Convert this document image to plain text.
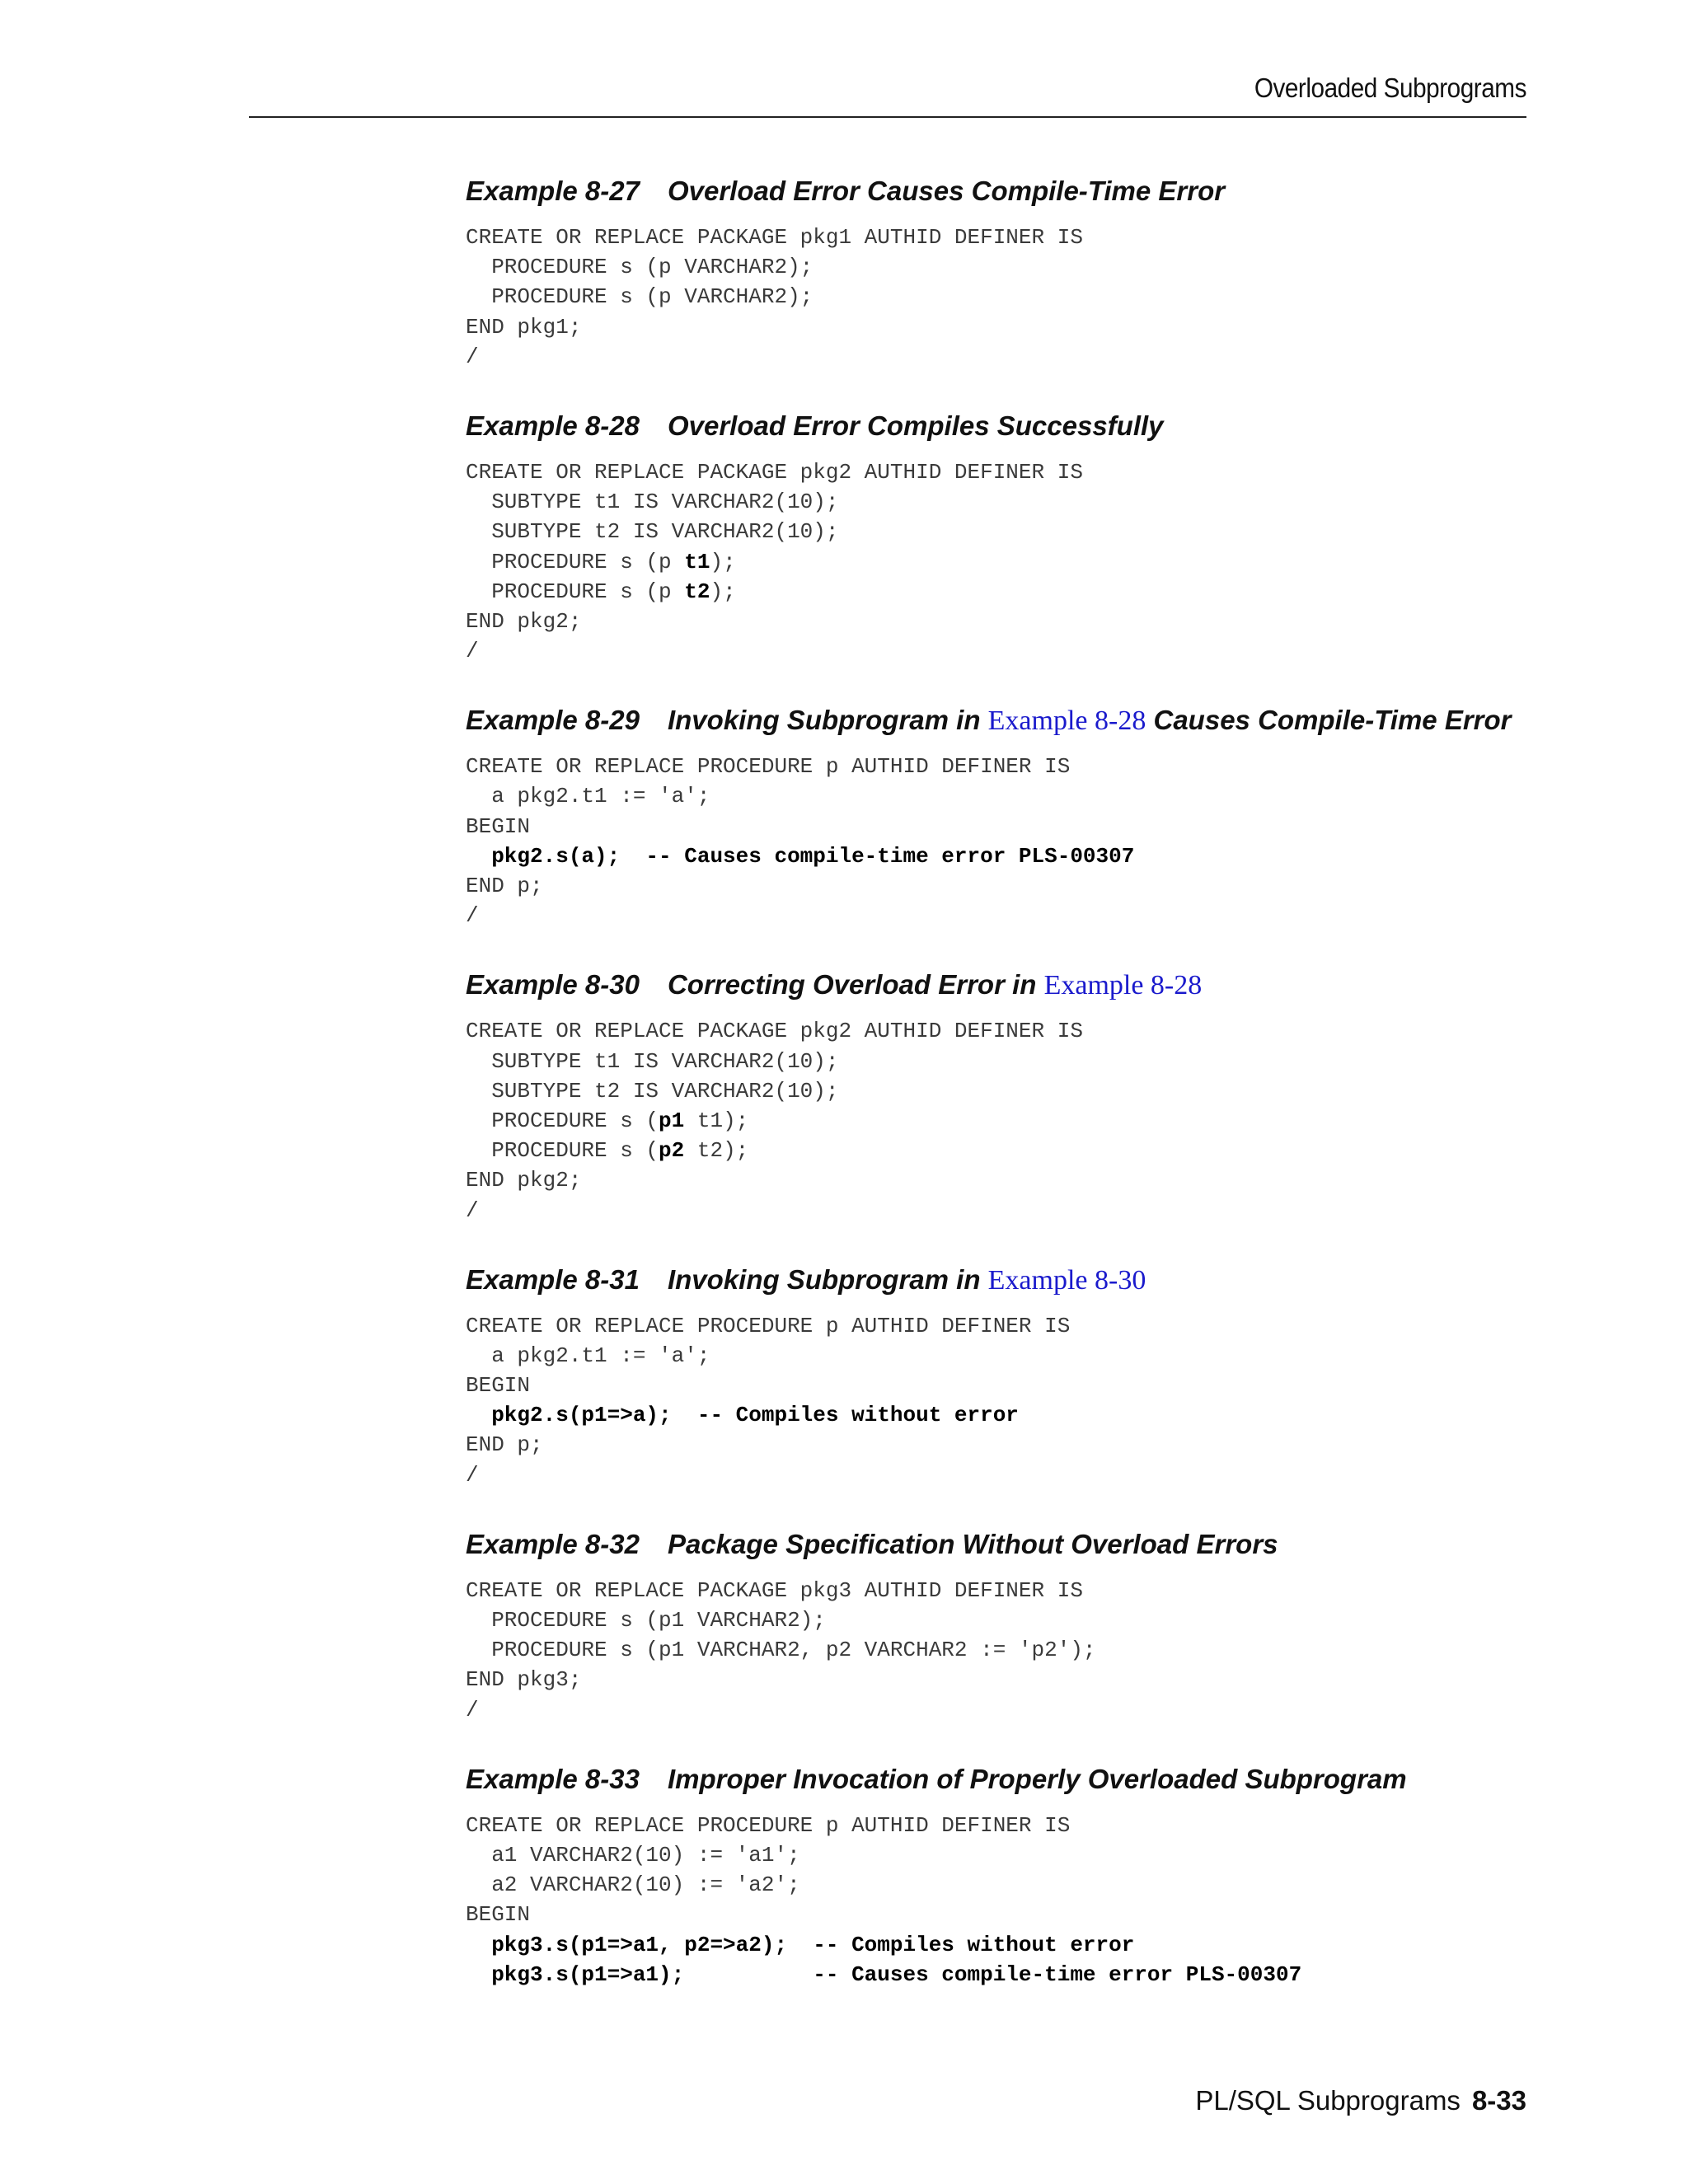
Overloaded Subprograms
Example 8-27 Overload Error Causes Compile-Time Error
CREATE OR REPLACE PACKAGE pkg1 AUTHID DEFINER IS
PROCEDURE s (p VARCHAR2);
PROCEDURE s (p VARCHAR2);
END pkg1;
/
Example 8-28 Overload Error Compiles Successfully
CREATE OR REPLACE PACKAGE pkg2 AUTHID DEFINER IS
SUBTYPE t1 IS VARCHAR2(10);
SUBTYPE t2 IS VARCHAR2(10);
PROCEDURE s (p t1);
PROCEDURE s (p t2);
END pkg2;
/
Example 8-29 Invoking Subprogram in Example 8-28 Causes Compile-Time Error
CREATE OR REPLACE PROCEDURE p AUTHID DEFINER IS
a pkg2.t1 := 'a';
BEGIN
pkg2.s(a);  -- Causes compile-time error PLS-00307
END p;
/
Example 8-30 Correcting Overload Error in Example 8-28
CREATE OR REPLACE PACKAGE pkg2 AUTHID DEFINER IS
SUBTYPE t1 IS VARCHAR2(10);
SUBTYPE t2 IS VARCHAR2(10);
PROCEDURE s (p1 t1);
PROCEDURE s (p2 t2);
END pkg2;
/
Example 8-31 Invoking Subprogram in Example 8-30
CREATE OR REPLACE PROCEDURE p AUTHID DEFINER IS
a pkg2.t1 := 'a';
BEGIN
pkg2.s(p1=>a);  -- Compiles without error
END p;
/
Example 8-32 Package Specification Without Overload Errors
CREATE OR REPLACE PACKAGE pkg3 AUTHID DEFINER IS
PROCEDURE s (p1 VARCHAR2);
PROCEDURE s (p1 VARCHAR2, p2 VARCHAR2 := 'p2');
END pkg3;
/
Example 8-33 Improper Invocation of Properly Overloaded Subprogram
CREATE OR REPLACE PROCEDURE p AUTHID DEFINER IS
a1 VARCHAR2(10) := 'a1';
a2 VARCHAR2(10) := 'a2';
BEGIN
pkg3.s(p1=>a1, p2=>a2);  -- Compiles without error
pkg3.s(p1=>a1);          -- Causes compile-time error PLS-00307
PL/SQL Subprograms 8-33
